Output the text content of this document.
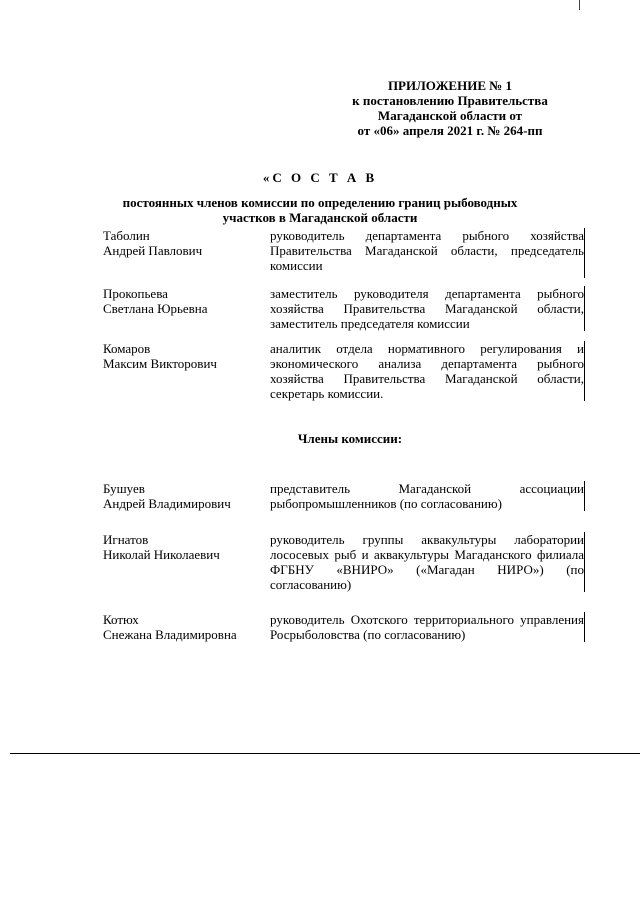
ПРИЛОЖЕНИЕ № 1
к постановлению Правительства
Магаданской области от
от «06» апреля 2021 г. № 264-пп
«С О С Т А В
постоянных членов комиссии по определению границ рыбоводных
участков в Магаданской области
Таболин
Андрей Павлович
руководитель департамента рыбного хозяйства Правительства Магаданской области, председатель комиссии
Прокопьева
Светлана Юрьевна
заместитель руководителя департамента рыбного хозяйства Правительства Магаданской области, заместитель председателя комиссии
Комаров
Максим Викторович
аналитик отдела нормативного регулирования и экономического анализа департамента рыбного хозяйства Правительства Магаданской области, секретарь комиссии.
Члены комиссии:
Бушуев
Андрей Владимирович
представитель Магаданской ассоциации рыбопромышленников (по согласованию)
Игнатов
Николай Николаевич
руководитель группы аквакультуры лаборатории лососевых рыб и аквакультуры Магаданского филиала ФГБНУ «ВНИРО» («Магадан НИРО») (по согласованию)
Котюх
Снежана Владимировна
руководитель Охотского территориального управления Росрыболовства (по согласованию)
